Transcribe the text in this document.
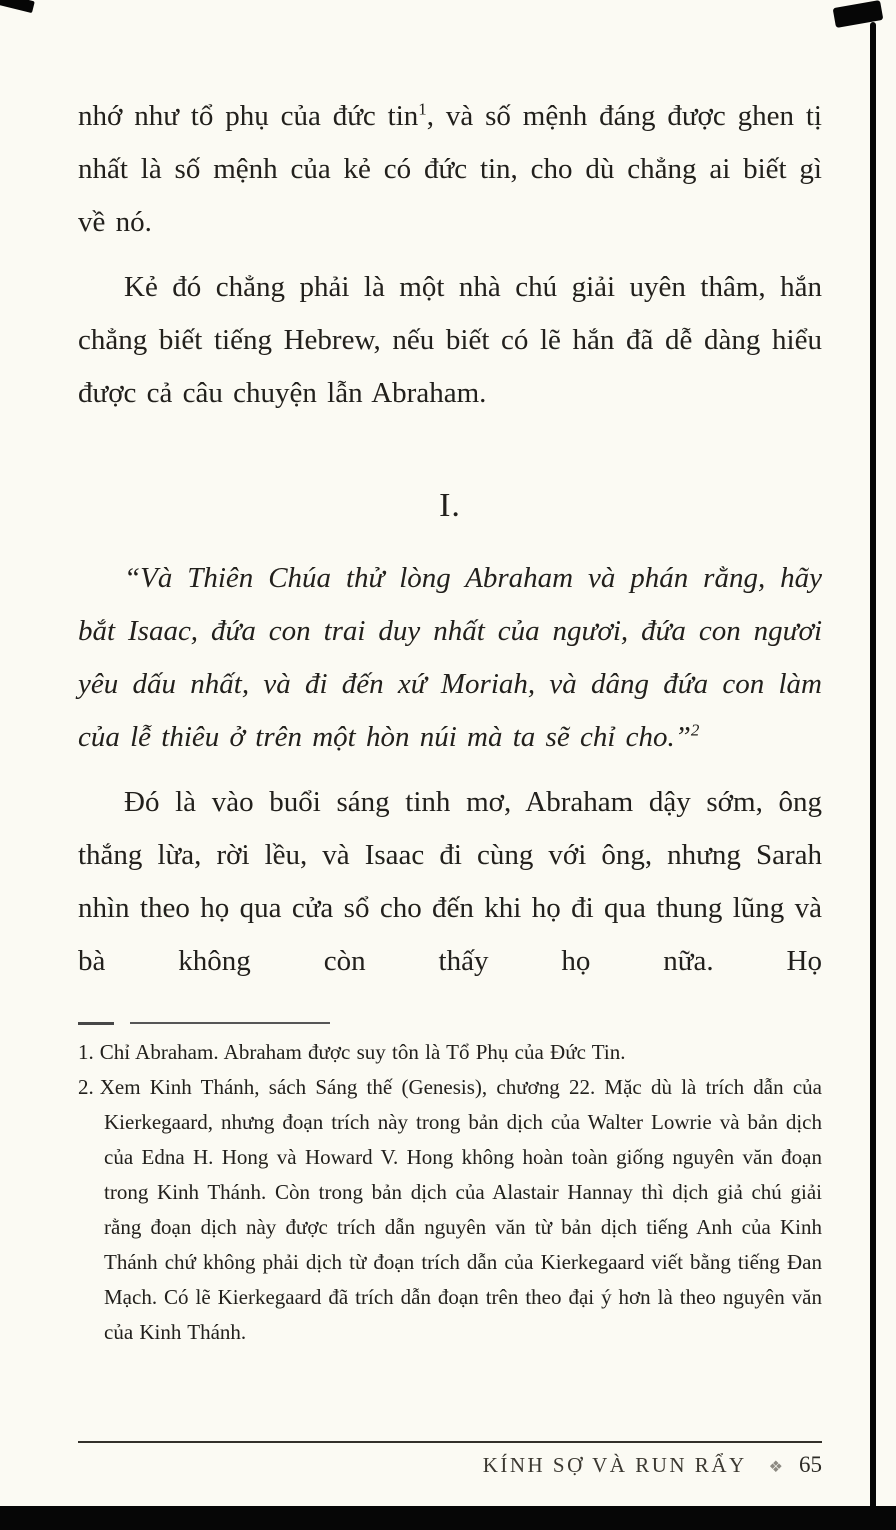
nhớ như tổ phụ của đức tin$^1$, và số mệnh đáng được ghen tị nhất là số mệnh của kẻ có đức tin, cho dù chẳng ai biết gì về nó.

Kẻ đó chẳng phải là một nhà chú giải uyên thâm, hắn chẳng biết tiếng Hebrew, nếu biết có lẽ hắn đã dễ dàng hiểu được cả câu chuyện lẫn Abraham.

I.

“Và Thiên Chúa thử lòng Abraham và phán rằng, hãy bắt Isaac, đứa con trai duy nhất của ngươi, đứa con ngươi yêu dấu nhất, và đi đến xứ Moriah, và dâng đứa con làm của lễ thiêu ở trên một hòn núi mà ta sẽ chỉ cho.”$^2$

Đó là vào buổi sáng tinh mơ, Abraham dậy sớm, ông thắng lừa, rời lều, và Isaac đi cùng với ông, nhưng Sarah nhìn theo họ qua cửa sổ cho đến khi họ đi qua thung lũng và bà không còn thấy họ nữa. Họ

1. Chỉ Abraham. Abraham được suy tôn là Tổ Phụ của Đức Tin.

2. Xem Kinh Thánh, sách Sáng thế (Genesis), chương 22. Mặc dù là trích dẫn của Kierkegaard, nhưng đoạn trích này trong bản dịch của Walter Lowrie và bản dịch của Edna H. Hong và Howard V. Hong không hoàn toàn giống nguyên văn đoạn trong Kinh Thánh. Còn trong bản dịch của Alastair Hannay thì dịch giả chú giải rằng đoạn dịch này được trích dẫn nguyên văn từ bản dịch tiếng Anh của Kinh Thánh chứ không phải dịch từ đoạn trích dẫn của Kierkegaard viết bằng tiếng Đan Mạch. Có lẽ Kierkegaard đã trích dẫn đoạn trên theo đại ý hơn là theo nguyên văn của Kinh Thánh.

KÍNH SỢ VÀ RUN RẨY ❖ 65
